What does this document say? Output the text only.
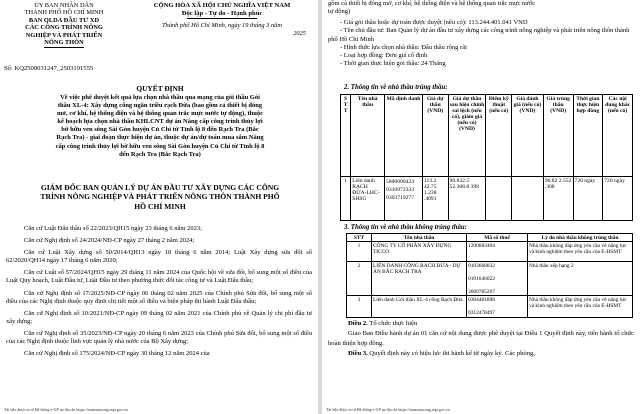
ỦY BAN NHÂN DÂN
THÀNH PHỐ HỒ CHÍ MINH
BAN QLDA ĐẦU TƯ XD
CÁC CÔNG TRÌNH NÔNG
NGHIỆP VÀ PHÁT TRIỂN
NÔNG THÔN
CỘNG HÒA XÃ HỘI CHỦ NGHĨA VIỆT NAM
Độc lập - Tự do - Hạnh phúc
Thành phố Hồ Chí Minh, ngày 19 tháng 3 năm
2025
Số: KQ2500031247_2503191555
QUYẾT ĐỊNH
Về việc phê duyệt kết quả lựa chọn nhà thầu qua mạng của gói thầu Gói
thầu XL-4: Xây dựng cống ngăn triều rạch Đừa (bao gồm cả thiết bị đóng
mở, cơ khí, hệ thống điện và hệ thống quan trắc mực nước tự động), thuộc
kế hoạch lựa chọn nhà thầu KHLCNT dự án Nâng cấp công trình thủy lợi
bờ hữu ven sông Sài Gòn huyện Củ Chi từ Tỉnh lộ 8 đến Rạch Tra (Bắc
Rạch Tra) - giai đoạn thực hiện dự án, thuộc dự án/dự toán mua sắm Nâng
cấp công trình thủy lợi bờ hữu ven sông Sài Gòn huyện Củ Chi từ Tỉnh lộ 8
đến Rạch Tra (Bắc Rạch Tra)
GIÁM ĐỐC BAN QUẢN LÝ DỰ ÁN ĐẦU TƯ XÂY DỰNG CÁC CÔNG
TRÌNH NÔNG NGHIỆP VÀ PHÁT TRIỂN NÔNG THÔN THÀNH PHỐ
HỒ CHÍ MINH

Căn cứ Luật Đấu thầu số 22/2023/QH15 ngày 23 tháng 6 năm 2023;

Căn cứ Nghị định số 24/2024/NĐ-CP ngày 27 tháng 2 năm 2024;

Căn cứ Luật Xây dựng số 50/2014/QH13 ngày 18 tháng 6 năm 2014; Luật Xây dựng sửa đổi số 62/2020/QH14 ngày 17 tháng 6 năm 2020;

Căn cứ Luật số 57/2024/QH15 ngày 29 tháng 11 năm 2024 của Quốc hội về sửa đổi, bổ sung một số điều của Luật Quy hoạch, Luật Đầu tư, Luật Đầu tư theo phương thức đối tác công tư và Luật Đấu thầu;

Căn cứ Nghị định số 17/2025/NĐ-CP ngày 06 tháng 02 năm 2025 của Chính phủ Sửa đổi, bổ sung một số điều của các Nghị định thuộc quy định chi tiết một số điều và biện pháp thi hành Luật Đấu thầu;

Căn cứ Nghị định số 10/2021/NĐ-CP ngày 09 tháng 02 năm 2021 của Chính phủ về Quản lý chi phí đầu tư xây dựng;

Căn cứ Nghị định số 35/2023/NĐ-CP ngày 20 tháng 6 năm 2023 của Chính phủ Sửa đổi, bổ sung một số điều của các Nghị định thuộc lĩnh vực quản lý nhà nước của Bộ Xây dựng;

Căn cứ Nghị định số 175/2024/NĐ-CP ngày 30 tháng 12 năm 2024 của

Tài liệu được in từ Hệ thống e-GP tại địa chỉ https://muasamcong.mpi.gov.vn
gồm cả thiết bị đóng mở, cơ khí, hệ thống điện và hệ thống quan trắc mực nước
tự động)

- Giá gói thầu hoặc dự toán được duyệt (nếu có): 113.244.401.041 VND

- Tên chủ đầu tư: Ban Quản lý dự án đầu tư xây dựng các công trình nông nghiệp và phát triển nông thôn thành phố Hồ Chí Minh

- Hình thức lựa chọn nhà thầu: Đấu thầu rộng rãi

- Loại hợp đồng: Đơn giá cố định

- Thời gian thực hiện gói thầu: 24 Tháng

2. Thông tin về nhà thầu trúng thầu:
S T T	Tên nhà thầu	Mã định danh	Giá dự thầu (VND)	Giá dự thầu sau hiệu chỉnh sai lệch (nếu có), giảm giá (nếu có) (VND)	Điểm kỹ thuật (nếu có)	Giá đánh giá (nếu có) (VND)	Giá trúng thầu (VND)	Thời gian thực hiện hợp đồng	Các nội dung khác (nếu có)
1	Liên danh RẠCH ĐỪA-LHC-SHSG	5800000424
0310972333
0303719277	113.2 42.75 1.238 .4091	96.822.5 52.308.8 398			96.82 2.552 .308	720 ngày	720 ngày
3. Thông tin về nhà thầu không trúng thầu:
STT	Tên nhà thầu	Mã số thuế	Lý do nhà thầu không trúng thầu
1	CÔNG TY CỔ PHẦN XÂY DỰNG TICCO	1200683404	Nhà thầu không đáp ứng yêu cầu về năng lực và kinh nghiệm theo yêu cầu của E-HSMT
2	LIÊN DANH CÔNG RẠCH ĐỪA - DỰ ÁN BẮC RẠCH TRA	0103668832

0101646022

3600785267	Nhà thầu xếp hạng 2
3	Liên danh Gói thầu XL-4 cống Rạch Đừa	0304481898

0312478497	Nhà thầu không đáp ứng yêu cầu về năng lực và kinh nghiệm theo yêu cầu của E-HSMT

Điều 2. Tổ chức thực hiện

Giao Ban Điều hành dự án 01 căn cứ nội dung được phê duyệt tại Điều 1 Quyết định này, tiến hành tổ chức hoàn thiện hợp đồng.

Điều 3. Quyết định này có hiệu lực thi hành kể từ ngày ký. Các phòng,

Tài liệu được in từ Hệ thống e-GP tại địa chỉ https://muasamcong.mpi.gov.vn
